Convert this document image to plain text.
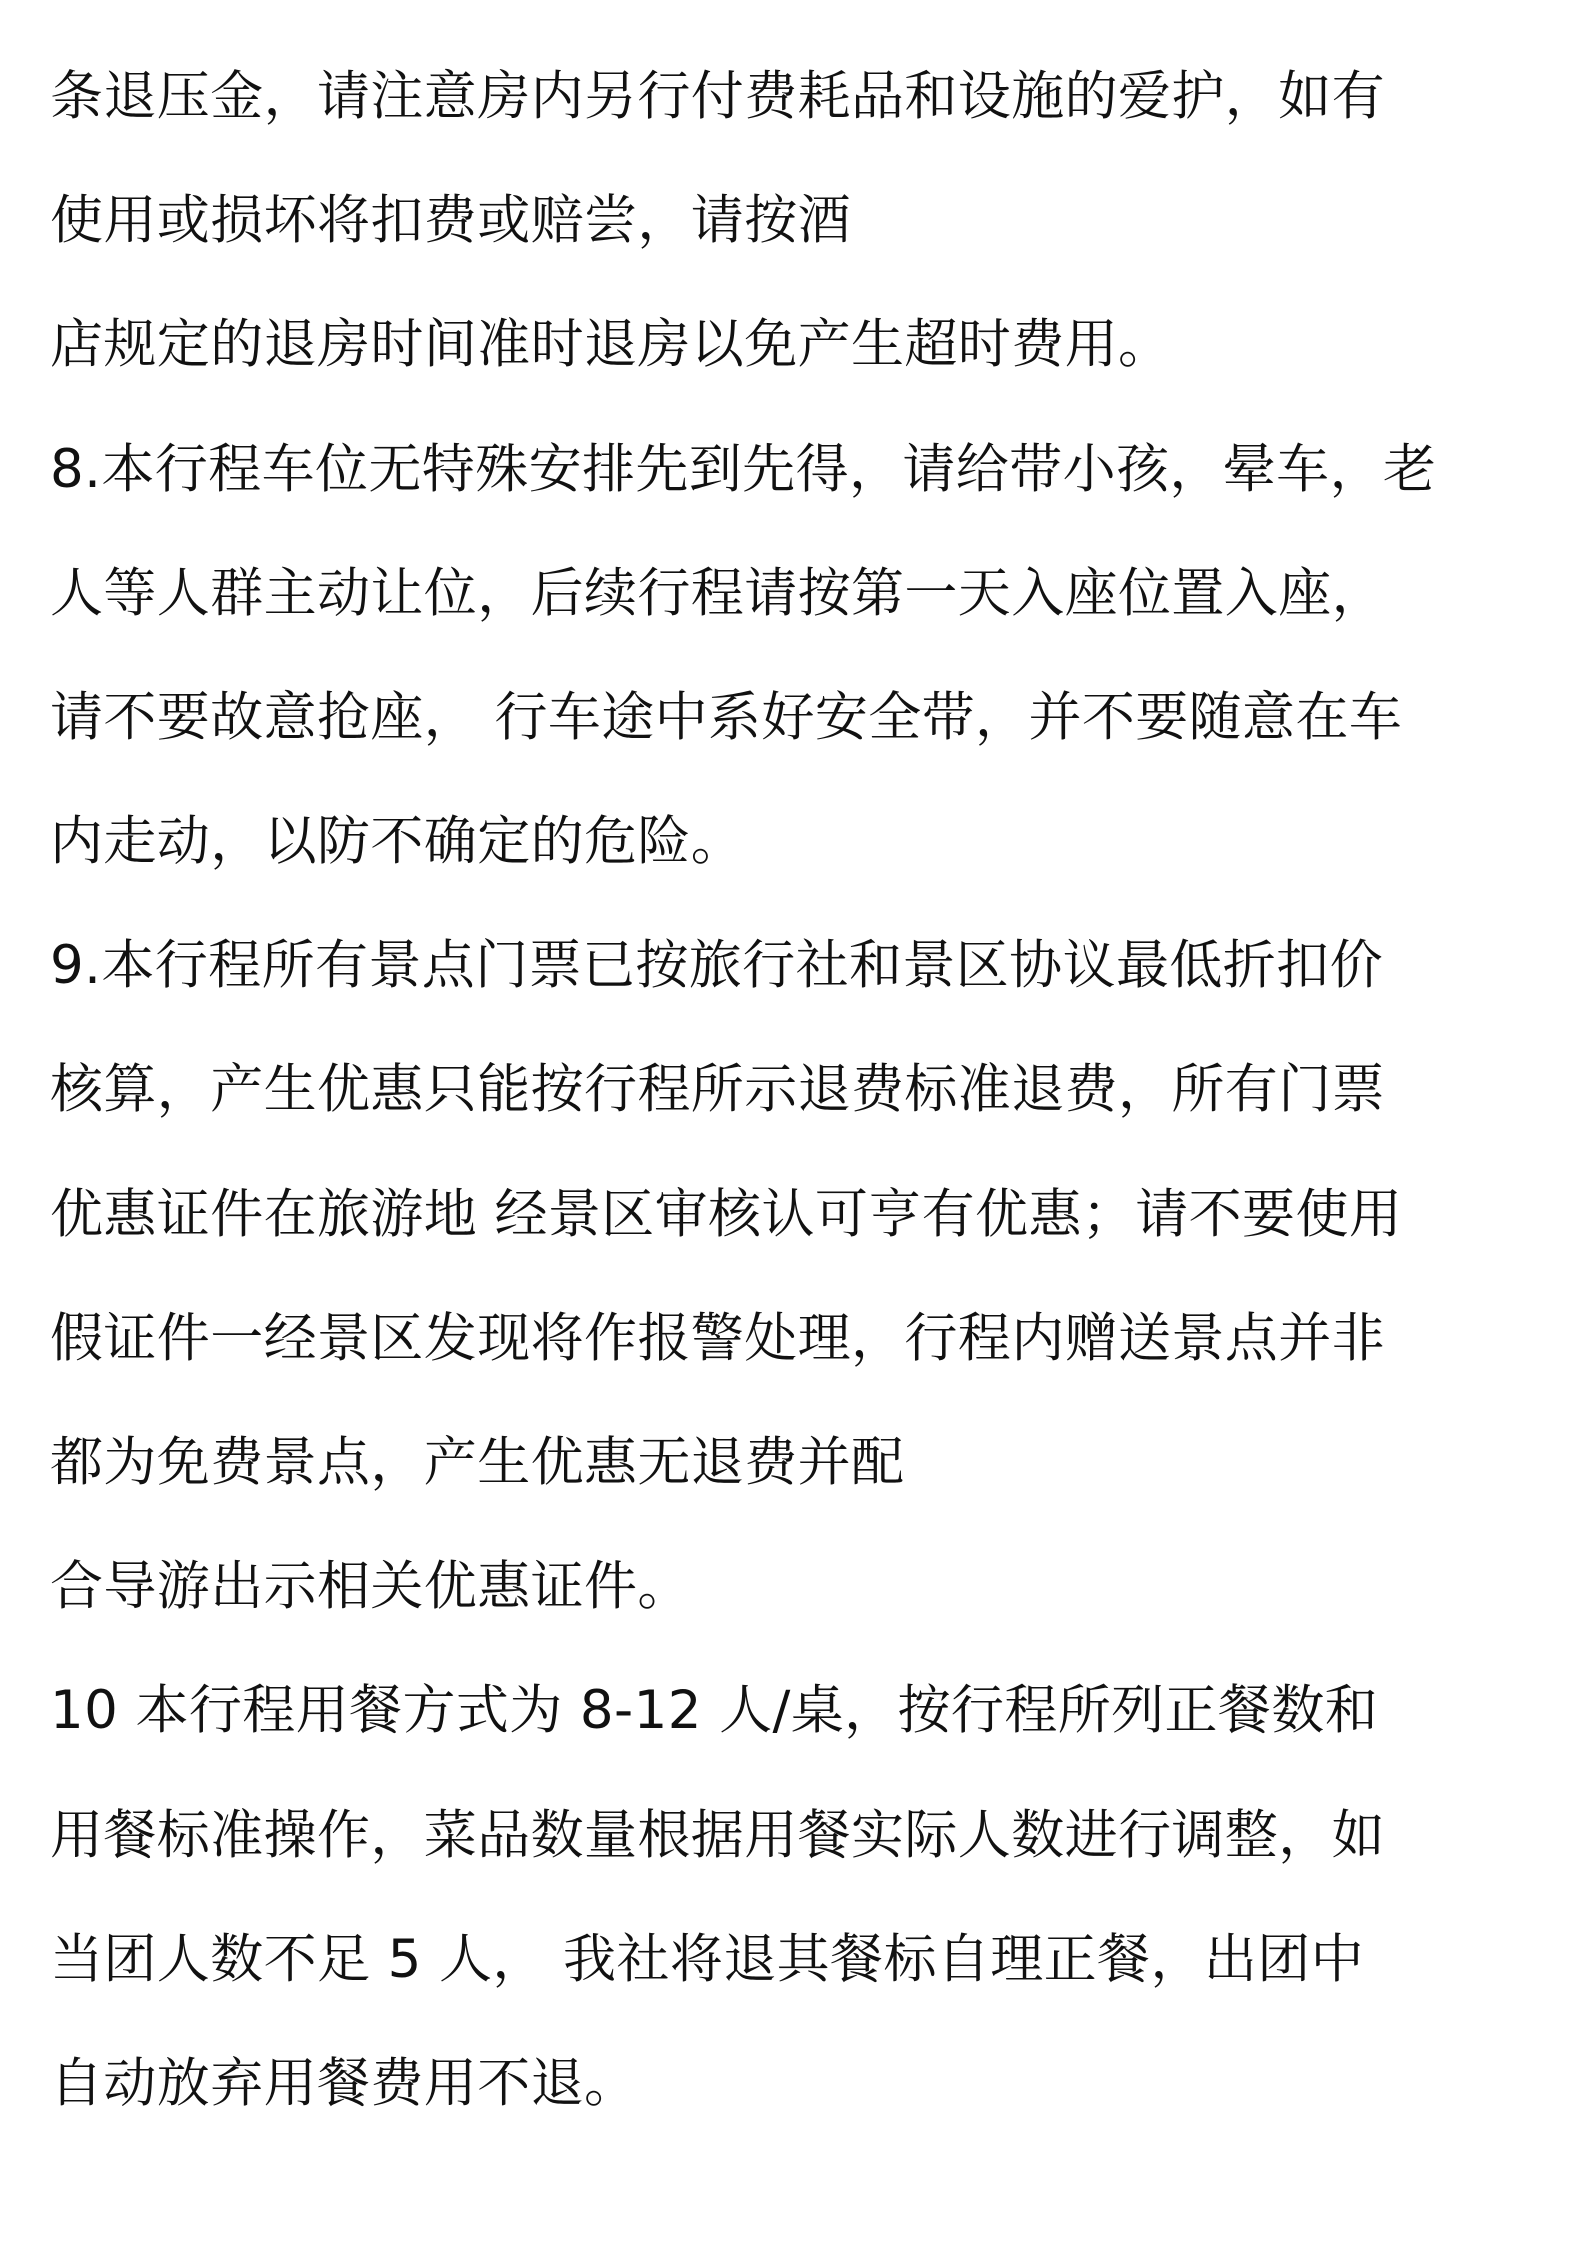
条退压金，请注意房内另行付费耗品和设施的爱护，如有

使用或损坏将扣费或赔尝，请按酒

店规定的退房时间准时退房以免产生超时费用。

8.本行程车位无特殊安排先到先得，请给带小孩，晕车，老

人等人群主动让位，后续行程请按第一天入座位置入座，

请不要故意抢座， 行车途中系好安全带，并不要随意在车

内走动，以防不确定的危险。

9.本行程所有景点门票已按旅行社和景区协议最低折扣价

核算，产生优惠只能按行程所示退费标准退费，所有门票

优惠证件在旅游地 经景区审核认可亨有优惠；请不要使用

假证件一经景区发现将作报警处理，行程内赠送景点并非

都为免费景点，产生优惠无退费并配

合导游出示相关优惠证件。

10 本行程用餐方式为 8-12 人/桌，按行程所列正餐数和

用餐标准操作，菜品数量根据用餐实际人数进行调整，如

当团人数不足 5 人， 我社将退其餐标自理正餐，出团中

自动放弃用餐费用不退。
